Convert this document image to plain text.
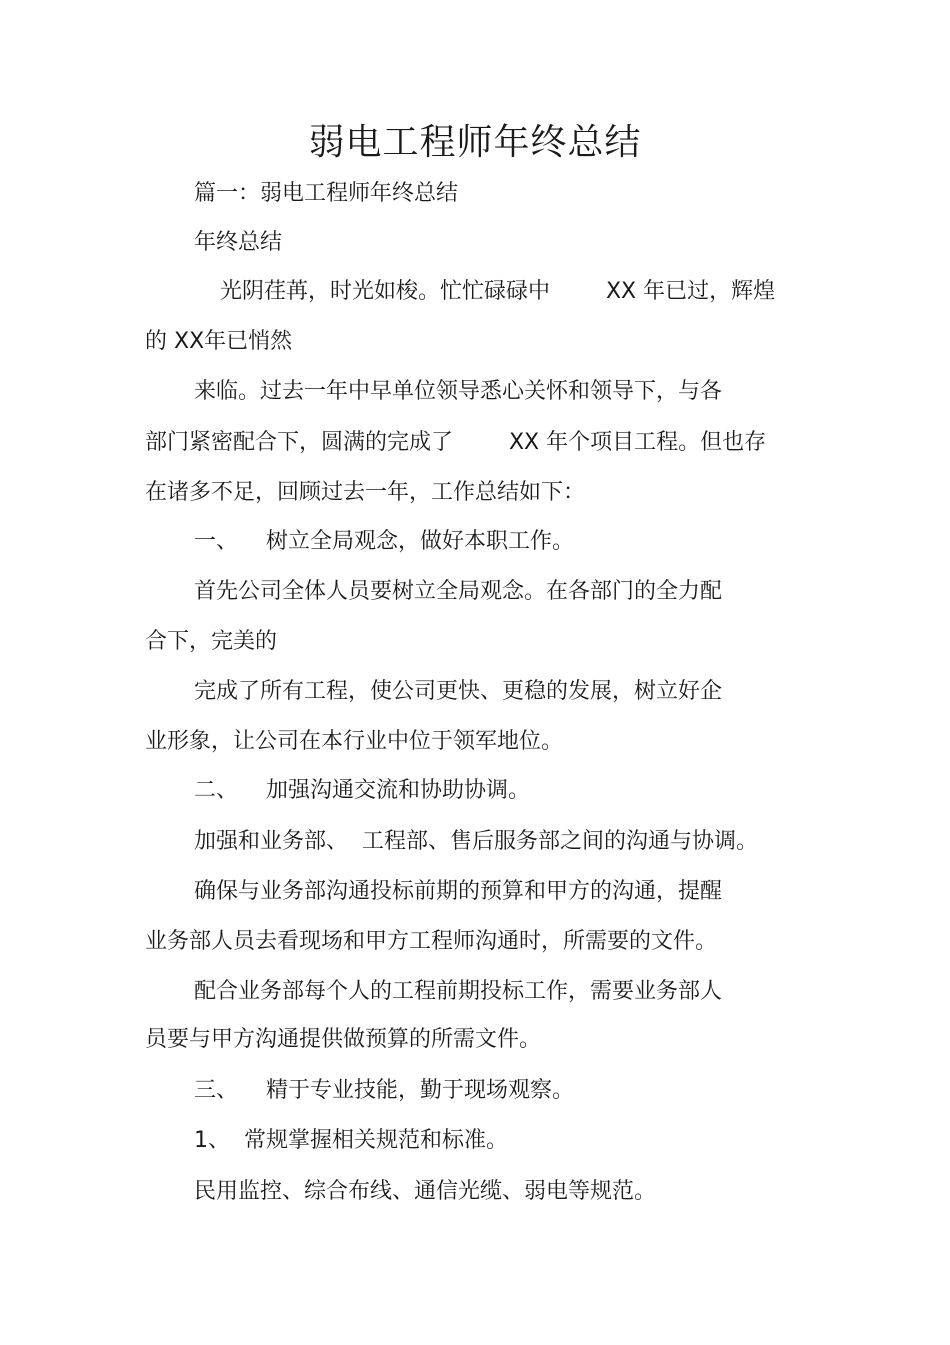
弱电工程师年终总结
篇一：弱电工程师年终总结
年终总结
光阴荏苒，时光如梭。忙忙碌碌中        XX 年已过，辉煌
的 XX年已悄然
来临。过去一年中早单位领导悉心关怀和领导下，与各
部门紧密配合下，圆满的完成了        XX 年个项目工程。但也存
在诸多不足，回顾过去一年，工作总结如下：
一、    树立全局观念，做好本职工作。
首先公司全体人员要树立全局观念。在各部门的全力配
合下，完美的
完成了所有工程，使公司更快、更稳的发展，树立好企
业形象，让公司在本行业中位于领军地位。
二、    加强沟通交流和协助协调。
加强和业务部、  工程部、售后服务部之间的沟通与协调。
确保与业务部沟通投标前期的预算和甲方的沟通，提醒
业务部人员去看现场和甲方工程师沟通时，所需要的文件。
配合业务部每个人的工程前期投标工作，需要业务部人
员要与甲方沟通提供做预算的所需文件。
三、    精于专业技能，勤于现场观察。
1、  常规掌握相关规范和标准。
民用监控、综合布线、通信光缆、弱电等规范。
